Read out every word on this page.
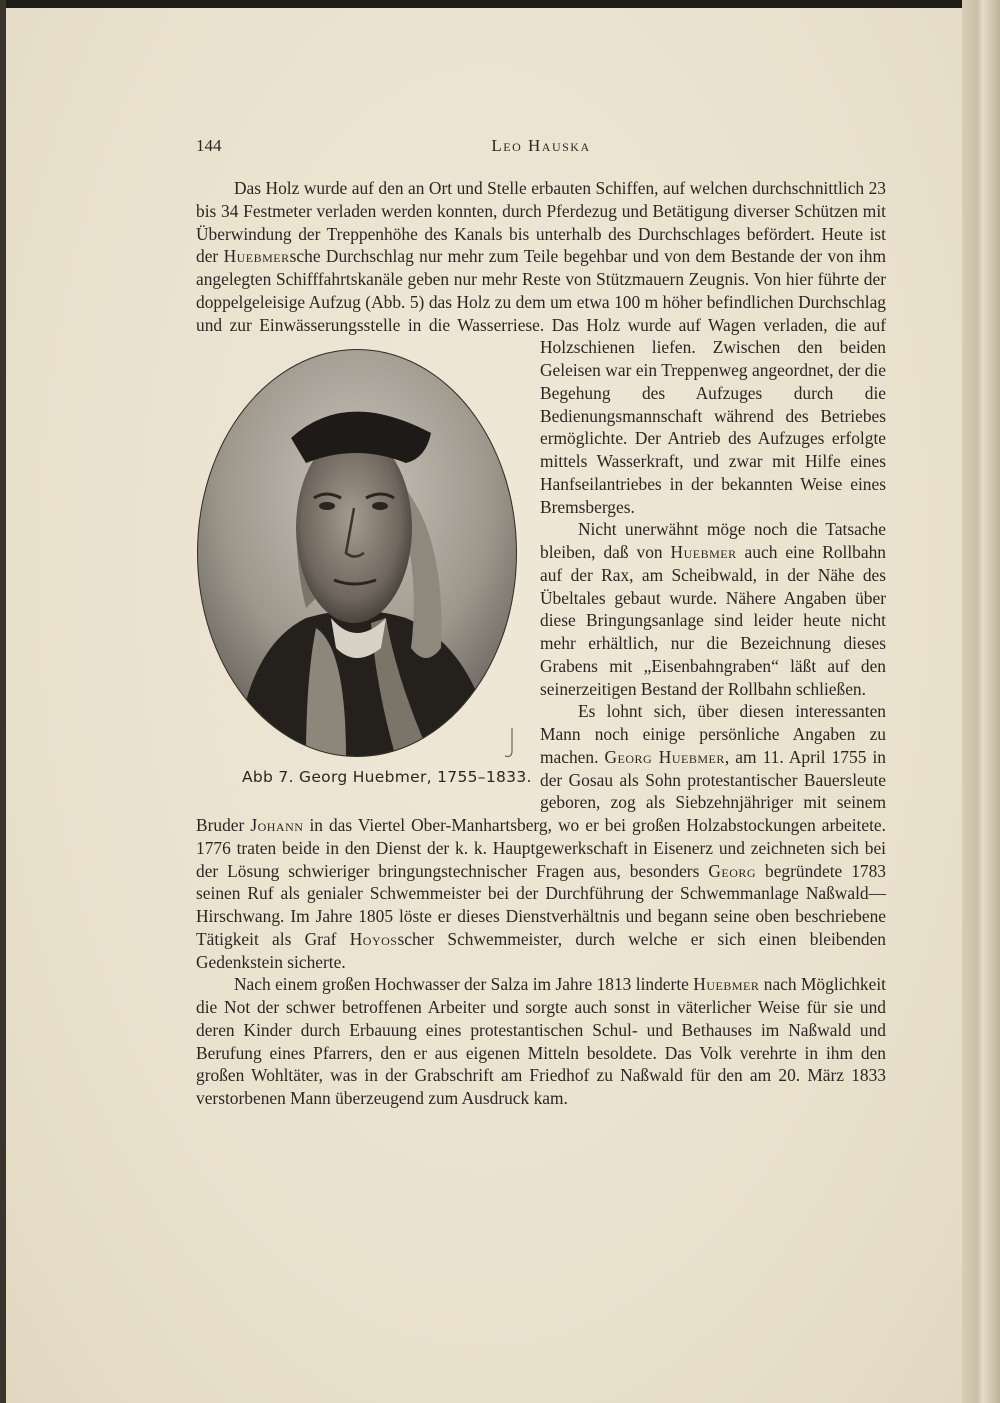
144	Leo Hauska

Das Holz wurde auf den an Ort und Stelle erbauten Schiffen, auf welchen durchschnittlich 23 bis 34 Festmeter verladen werden konnten, durch Pferdezug und Betätigung diverser Schützen mit Überwindung der Treppenhöhe des Kanals bis unterhalb des Durchschlages befördert. Heute ist der Huebmersche Durchschlag nur mehr zum Teile begehbar und von dem Bestande der von ihm angelegten Schifffahrtskanäle geben nur mehr Reste von Stützmauern Zeugnis. Von hier führte der doppelgeleisige Aufzug (Abb. 5) das Holz zu dem um etwa 100 m höher befindlichen Durchschlag und zur Einwässerungsstelle in die Wasserriese. Das Holz wurde
Abb 7. Georg Huebmer, 1755–1833.
auf Wagen verladen, die auf Holzschienen liefen. Zwischen den beiden Geleisen war ein Treppenweg angeordnet, der die Begehung des Aufzuges durch die Bedienungsmannschaft während des Betriebes ermöglichte. Der Antrieb des Aufzuges erfolgte mittels Wasserkraft, und zwar mit Hilfe eines Hanfseilantriebes in der bekannten Weise eines Bremsberges.

Nicht unerwähnt möge noch die Tatsache bleiben, daß von Huebmer auch eine Rollbahn auf der Rax, am Scheibwald, in der Nähe des Übeltales gebaut wurde. Nähere Angaben über diese Bringungsanlage sind leider heute nicht mehr erhältlich, nur die Bezeichnung dieses Grabens mit „Eisenbahngraben“ läßt auf den seinerzeitigen Bestand der Rollbahn schließen.

Es lohnt sich, über diesen interessanten Mann noch einige persönliche Angaben zu machen. Georg Huebmer, am 11. April 1755 in der Gosau als Sohn protestantischer Bauersleute geboren, zog als Siebzehnjähriger mit seinem Bruder Johann in das Viertel Ober-Manhartsberg, wo er bei großen Holzabstockungen arbeitete. 1776 traten beide in den Dienst der k. k. Hauptgewerkschaft in Eisenerz und zeichneten sich bei der Lösung schwieriger bringungstechnischer Fragen aus, besonders Georg begründete 1783 seinen Ruf als genialer Schwemmeister bei der Durchführung der Schwemmanlage Naßwald—Hirschwang. Im Jahre 1805 löste er dieses Dienstverhältnis und begann seine oben beschriebene Tätigkeit als Graf Hoyosscher Schwemmeister, durch welche er sich einen bleibenden Gedenkstein sicherte.

Nach einem großen Hochwasser der Salza im Jahre 1813 linderte Huebmer nach Möglichkeit die Not der schwer betroffenen Arbeiter und sorgte auch sonst in väterlicher Weise für sie und deren Kinder durch Erbauung eines protestantischen Schul- und Bethauses im Naßwald und Berufung eines Pfarrers, den er aus eigenen Mitteln besoldete. Das Volk verehrte in ihm den großen Wohltäter, was in der Grabschrift am Friedhof zu Naßwald für den am 20. März 1833 verstorbenen Mann überzeugend zum Ausdruck kam.
